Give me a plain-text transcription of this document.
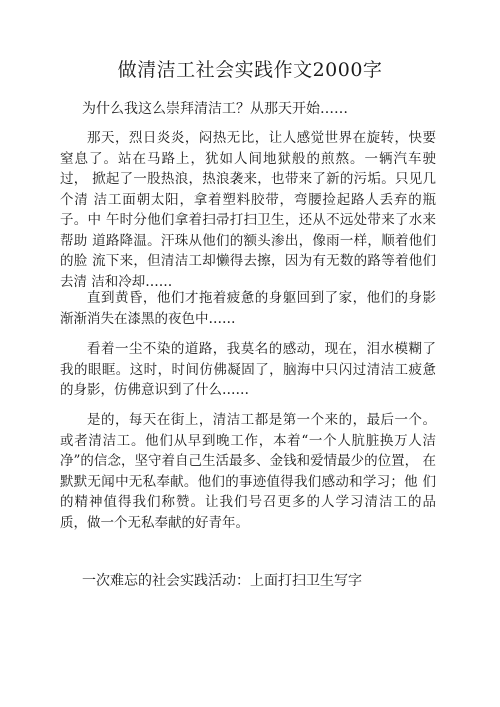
做清洁工社会实践作文2000字
为什么我这么崇拜清洁工？从那天开始……
那天，烈日炎炎，闷热无比，让人感觉世界在旋转，快要 窒息了。站在马路上，犹如人间地狱般的煎熬。一辆汽车驶过， 掀起了一股热浪，热浪袭来，也带来了新的污垢。只见几个清 洁工面朝太阳，拿着塑料胶带，弯腰捡起路人丢弃的瓶子。中 午时分他们拿着扫帚打扫卫生，还从不远处带来了水来帮助 道路降温。汗珠从他们的额头渗出，像雨一样，顺着他们的脸 流下来，但清洁工却懒得去擦，因为有无数的路等着他们去清 洁和冷却……
直到黄昏，他们才拖着疲惫的身躯回到了家，他们的身影 渐渐消失在漆黑的夜色中……
看着一尘不染的道路，我莫名的感动，现在，泪水模糊了 我的眼眶。这时，时间仿佛凝固了，脑海中只闪过清洁工疲惫 的身影，仿佛意识到了什么……
是的，每天在街上，清洁工都是第一个来的，最后一个。 或者清洁工。他们从早到晚工作，本着“一个人肮脏换万人洁 净”的信念，坚守着自己生活最多、金钱和爱情最少的位置， 在默默无闻中无私奉献。他们的事迹值得我们感动和学习；他 们的精神值得我们称赞。让我们号召更多的人学习清洁工的品 质，做一个无私奉献的好青年。
一次难忘的社会实践活动：上面打扫卫生写字
